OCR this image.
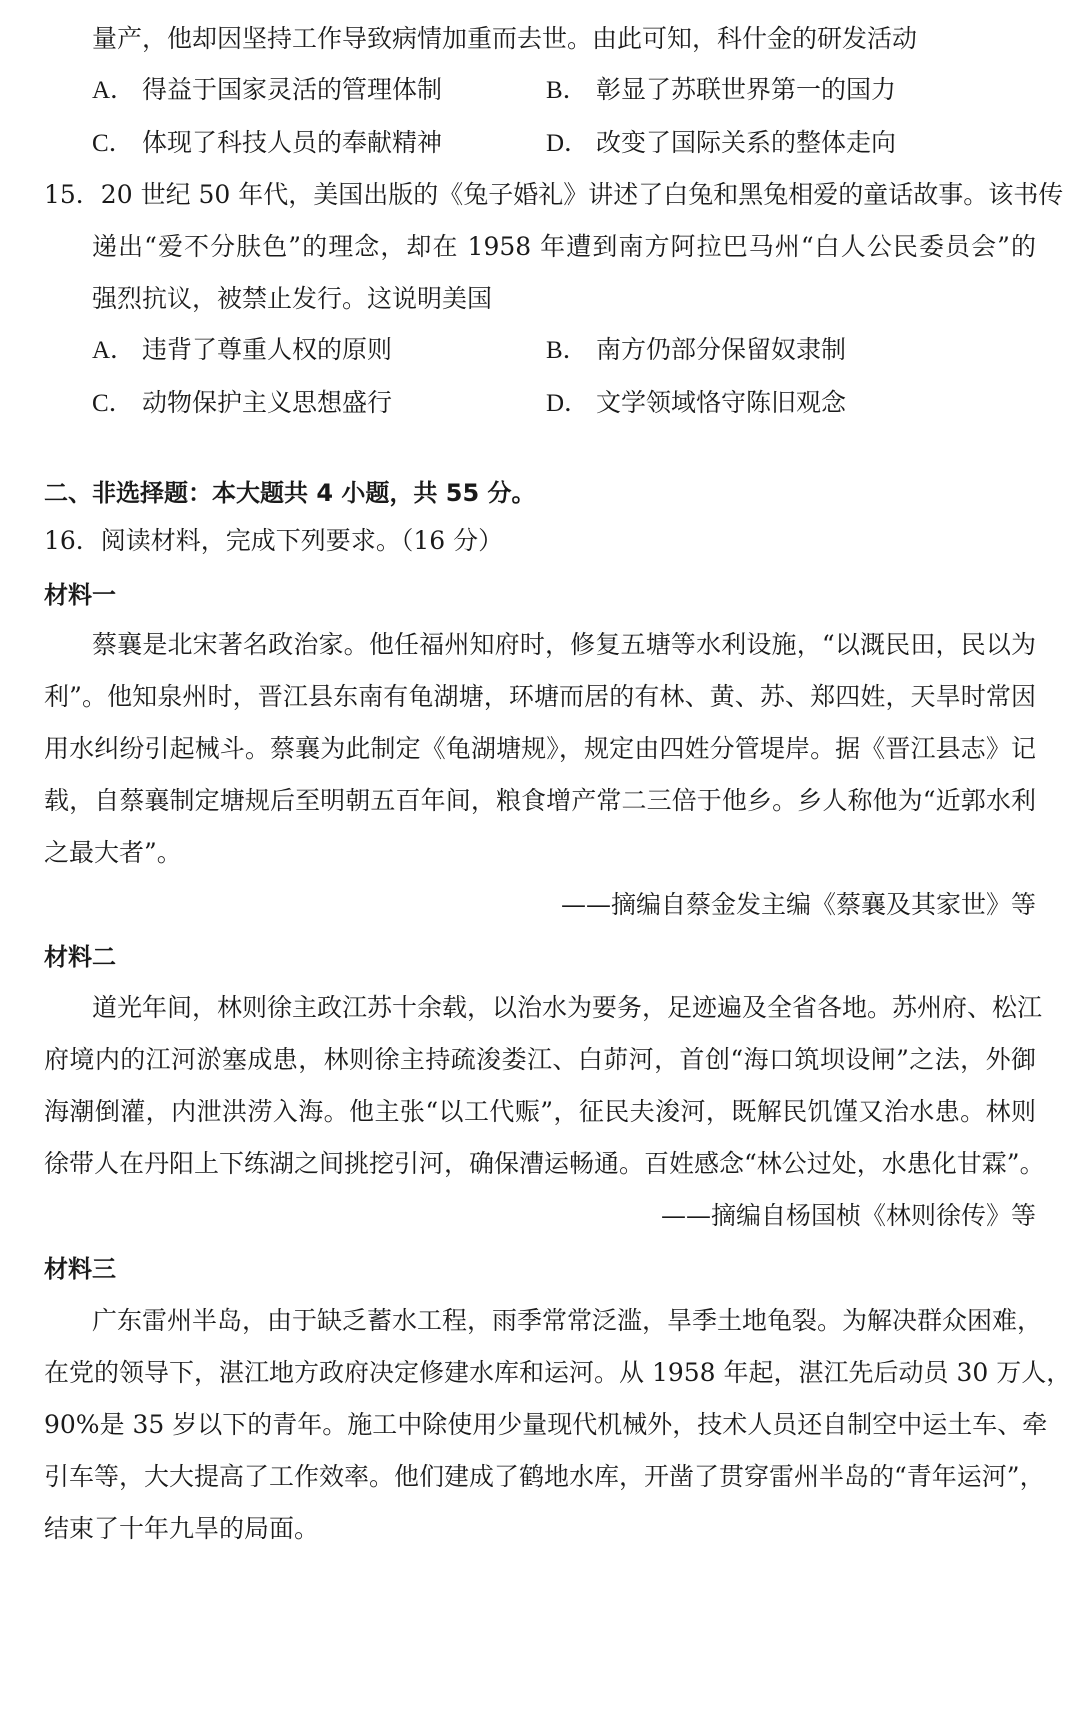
量产，他却因坚持工作导致病情加重而去世。由此可知，科什金的研发活动
A． 得益于国家灵活的管理体制	B． 彰显了苏联世界第一的国力
C． 体现了科技人员的奉献精神	D． 改变了国际关系的整体走向
15．20 世纪 50 年代，美国出版的《兔子婚礼》讲述了白兔和黑兔相爱的童话故事。该书传
递出“爱不分肤色”的理念，却在 1958 年遭到南方阿拉巴马州“白人公民委员会”的
强烈抗议，被禁止发行。这说明美国
A． 违背了尊重人权的原则	B． 南方仍部分保留奴隶制
C． 动物保护主义思想盛行	D． 文学领域恪守陈旧观念
二、非选择题：本大题共 4 小题，共 55 分。
16．阅读材料，完成下列要求。（16 分）
材料一
蔡襄是北宋著名政治家。他任福州知府时，修复五塘等水利设施，“以溉民田，民以为
利”。他知泉州时，晋江县东南有龟湖塘，环塘而居的有林、黄、苏、郑四姓，天旱时常因
用水纠纷引起械斗。蔡襄为此制定《龟湖塘规》，规定由四姓分管堤岸。据《晋江县志》记
载，自蔡襄制定塘规后至明朝五百年间，粮食增产常二三倍于他乡。乡人称他为“近郭水利
之最大者”。
——摘编自蔡金发主编《蔡襄及其家世》等
材料二
道光年间，林则徐主政江苏十余载，以治水为要务，足迹遍及全省各地。苏州府、松江
府境内的江河淤塞成患，林则徐主持疏浚娄江、白茆河，首创“海口筑坝设闸”之法，外御
海潮倒灌，内泄洪涝入海。他主张“以工代赈”，征民夫浚河，既解民饥馑又治水患。林则
徐带人在丹阳上下练湖之间挑挖引河，确保漕运畅通。百姓感念“林公过处，水患化甘霖”。
——摘编自杨国桢《林则徐传》等
材料三
广东雷州半岛，由于缺乏蓄水工程，雨季常常泛滥，旱季土地龟裂。为解决群众困难，
在党的领导下，湛江地方政府决定修建水库和运河。从 1958 年起，湛江先后动员 30 万人，
90%是 35 岁以下的青年。施工中除使用少量现代机械外，技术人员还自制空中运土车、牵
引车等，大大提高了工作效率。他们建成了鹤地水库，开凿了贯穿雷州半岛的“青年运河”，
结束了十年九旱的局面。
